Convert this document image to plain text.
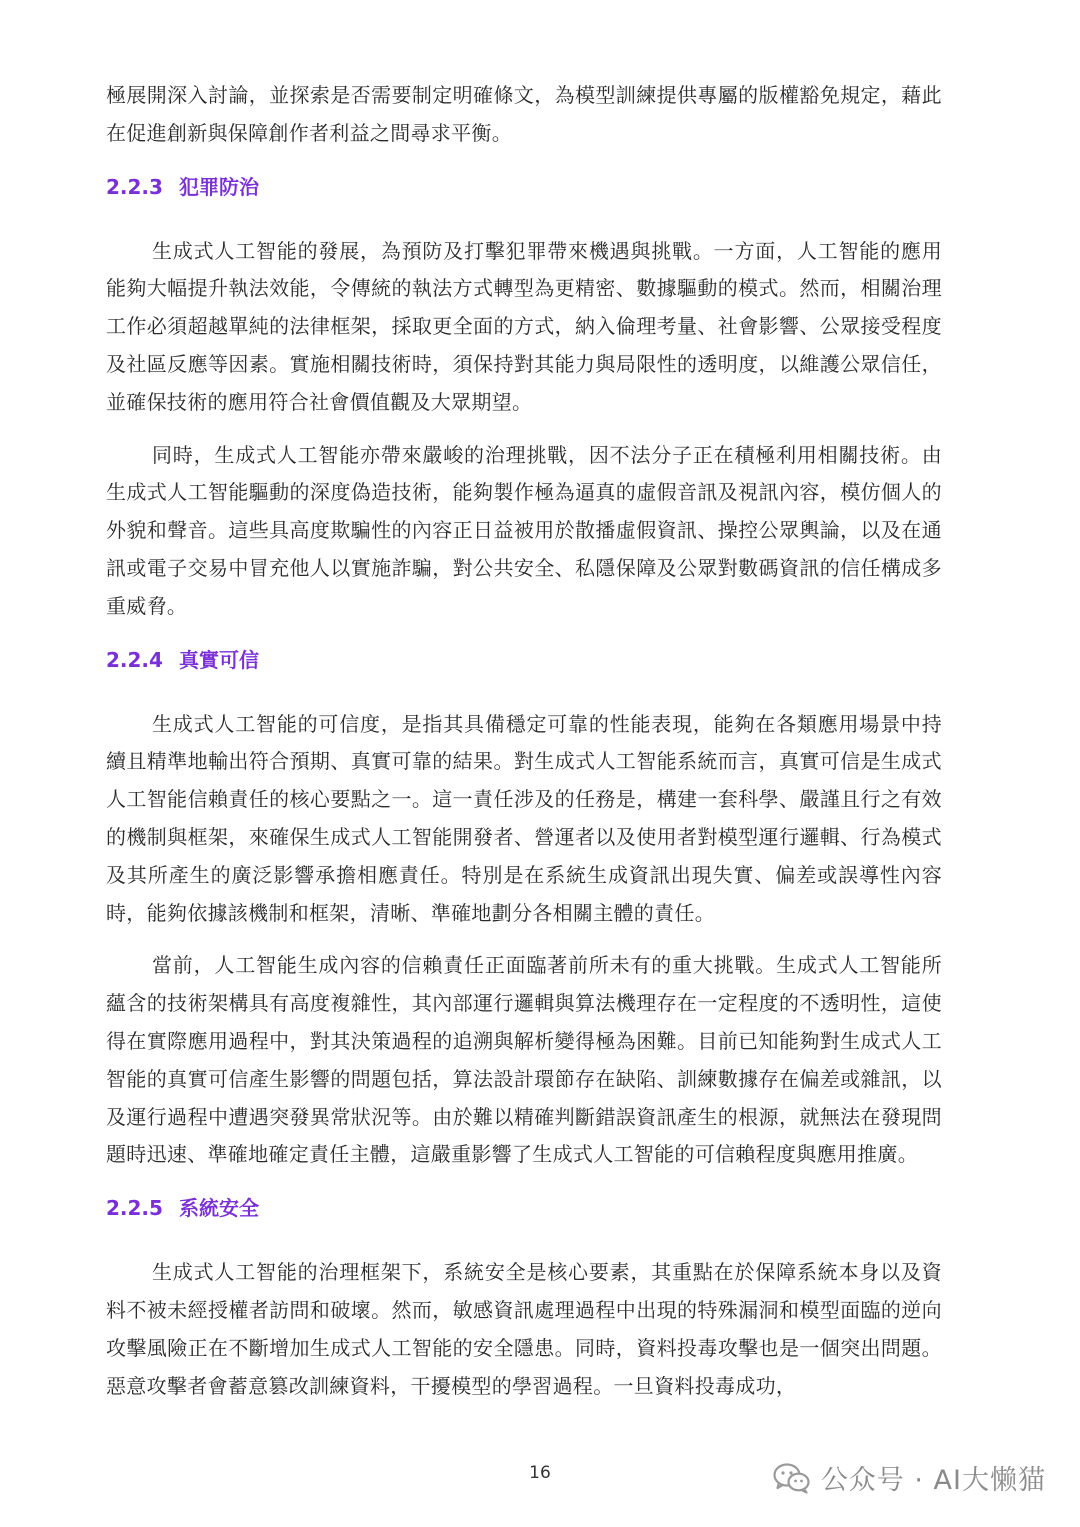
極展開深入討論，並探索是否需要制定明確條文，為模型訓練提供專屬的版權豁免規定，藉此在促進創新與保障創作者利益之間尋求平衡。

2.2.3 犯罪防治

生成式人工智能的發展，為預防及打擊犯罪帶來機遇與挑戰。一方面，人工智能的應用能夠大幅提升執法效能，令傳統的執法方式轉型為更精密、數據驅動的模式。然而，相關治理工作必須超越單純的法律框架，採取更全面的方式，納入倫理考量、社會影響、公眾接受程度及社區反應等因素。實施相關技術時，須保持對其能力與局限性的透明度，以維護公眾信任，並確保技術的應用符合社會價值觀及大眾期望。

同時，生成式人工智能亦帶來嚴峻的治理挑戰，因不法分子正在積極利用相關技術。由生成式人工智能驅動的深度偽造技術，能夠製作極為逼真的虛假音訊及視訊內容，模仿個人的外貌和聲音。這些具高度欺騙性的內容正日益被用於散播虛假資訊、操控公眾輿論，以及在通訊或電子交易中冒充他人以實施詐騙，對公共安全、私隱保障及公眾對數碼資訊的信任構成多重威脅。

2.2.4 真實可信

生成式人工智能的可信度，是指其具備穩定可靠的性能表現，能夠在各類應用場景中持續且精準地輸出符合預期、真實可靠的結果。對生成式人工智能系統而言，真實可信是生成式人工智能信賴責任的核心要點之一。這一責任涉及的任務是，構建一套科學、嚴謹且行之有效的機制與框架，來確保生成式人工智能開發者、營運者以及使用者對模型運行邏輯、行為模式及其所產生的廣泛影響承擔相應責任。特別是在系統生成資訊出現失實、偏差或誤導性內容時，能夠依據該機制和框架，清晰、準確地劃分各相關主體的責任。

當前，人工智能生成內容的信賴責任正面臨著前所未有的重大挑戰。生成式人工智能所蘊含的技術架構具有高度複雜性，其內部運行邏輯與算法機理存在一定程度的不透明性，這使得在實際應用過程中，對其決策過程的追溯與解析變得極為困難。目前已知能夠對生成式人工智能的真實可信產生影響的問題包括，算法設計環節存在缺陷、訓練數據存在偏差或雜訊，以及運行過程中遭遇突發異常狀況等。由於難以精確判斷錯誤資訊產生的根源，就無法在發現問題時迅速、準確地確定責任主體，這嚴重影響了生成式人工智能的可信賴程度與應用推廣。

2.2.5 系統安全

生成式人工智能的治理框架下，系統安全是核心要素，其重點在於保障系統本身以及資料不被未經授權者訪問和破壞。然而，敏感資訊處理過程中出現的特殊漏洞和模型面臨的逆向攻擊風險正在不斷增加生成式人工智能的安全隱患。同時，資料投毒攻擊也是一個突出問題。惡意攻擊者會蓄意篡改訓練資料，干擾模型的學習過程。一旦資料投毒成功，

16	公众号 · AI大懒猫
